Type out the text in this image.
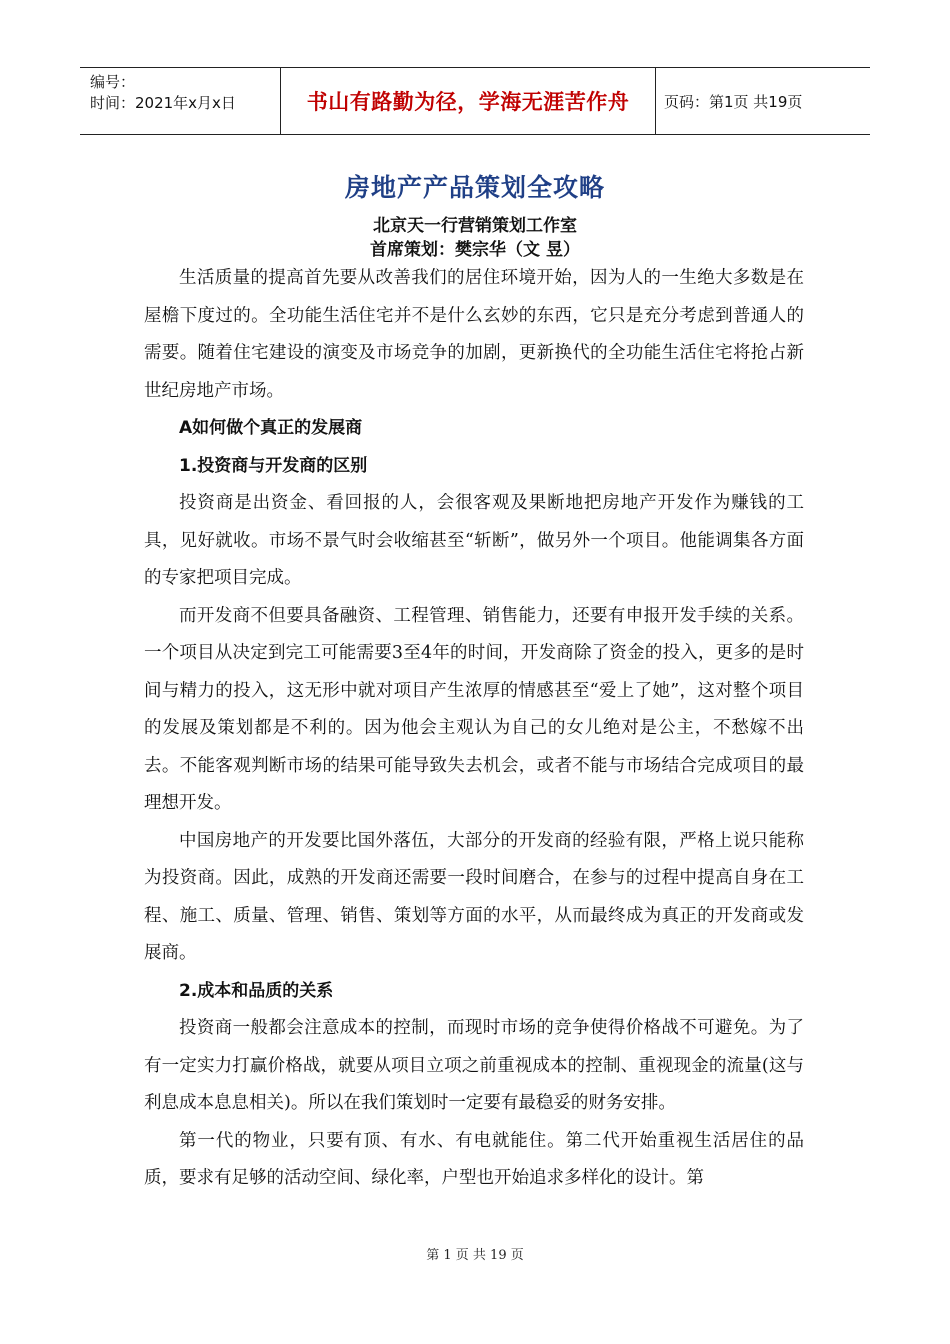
编号：
时间：2021年x月x日	书山有路勤为径，学海无涯苦作舟 页码：第1页 共19页
房地产产品策划全攻略
北京天一行营销策划工作室
首席策划：樊宗华（文 昱）

生活质量的提高首先要从改善我们的居住环境开始，因为人的一生绝大多数是在屋檐下度过的。全功能生活住宅并不是什么玄妙的东西，它只是充分考虑到普通人的需要。随着住宅建设的演变及市场竞争的加剧，更新换代的全功能生活住宅将抢占新世纪房地产市场。

A如何做个真正的发展商
1.投资商与开发商的区别

投资商是出资金、看回报的人，会很客观及果断地把房地产开发作为赚钱的工具，见好就收。市场不景气时会收缩甚至“斩断”，做另外一个项目。他能调集各方面的专家把项目完成。

而开发商不但要具备融资、工程管理、销售能力，还要有申报开发手续的关系。一个项目从决定到完工可能需要3至4年的时间，开发商除了资金的投入，更多的是时间与精力的投入，这无形中就对项目产生浓厚的情感甚至“爱上了她”，这对整个项目的发展及策划都是不利的。因为他会主观认为自己的女儿绝对是公主，不愁嫁不出去。不能客观判断市场的结果可能导致失去机会，或者不能与市场结合完成项目的最理想开发。

中国房地产的开发要比国外落伍，大部分的开发商的经验有限，严格上说只能称为投资商。因此，成熟的开发商还需要一段时间磨合，在参与的过程中提高自身在工程、施工、质量、管理、销售、策划等方面的水平，从而最终成为真正的开发商或发展商。

2.成本和品质的关系

投资商一般都会注意成本的控制，而现时市场的竞争使得价格战不可避免。为了有一定实力打赢价格战，就要从项目立项之前重视成本的控制、重视现金的流量(这与利息成本息息相关)。所以在我们策划时一定要有最稳妥的财务安排。

第一代的物业，只要有顶、有水、有电就能住。第二代开始重视生活居住的品质，要求有足够的活动空间、绿化率，户型也开始追求多样化的设计。第

第 1 页 共 19 页
